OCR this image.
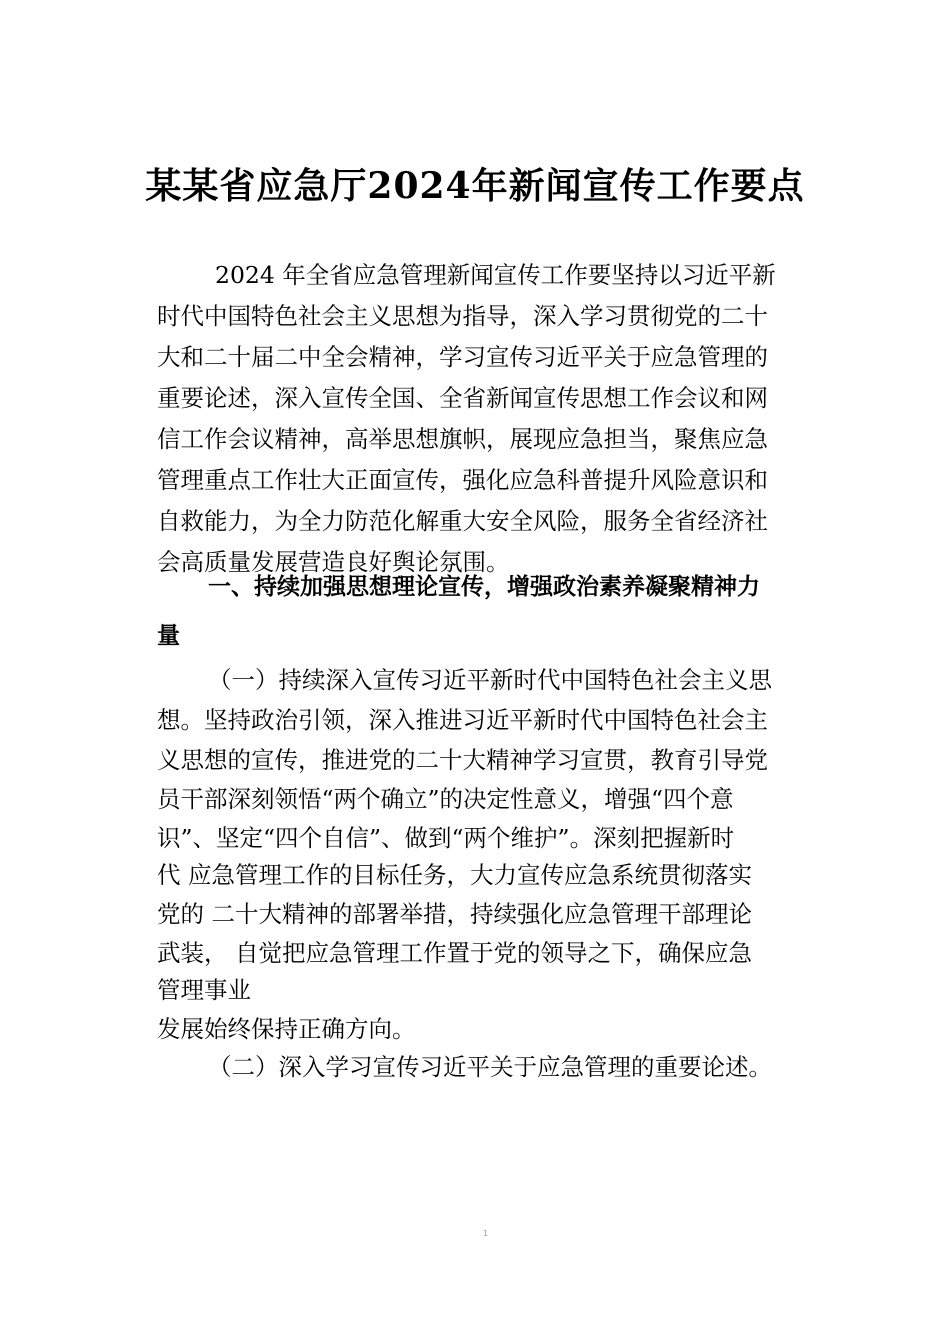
某某省应急厅2024年新闻宣传工作要点
2024 年全省应急管理新闻宣传工作要坚持以习近平新
时代中国特色社会主义思想为指导，深入学习贯彻党的二十
大和二十届二中全会精神，学习宣传习近平关于应急管理的
重要论述，深入宣传全国、全省新闻宣传思想工作会议和网
信工作会议精神，高举思想旗帜，展现应急担当，聚焦应急
管理重点工作壮大正面宣传，强化应急科普提升风险意识和
自救能力，为全力防范化解重大安全风险，服务全省经济社
会高质量发展营造良好舆论氛围。
一、持续加强思想理论宣传，增强政治素养凝聚精神力
量
（一）持续深入宣传习近平新时代中国特色社会主义思
想。坚持政治引领，深入推进习近平新时代中国特色社会主
义思想的宣传，推进党的二十大精神学习宣贯，教育引导党
员干部深刻领悟“两个确立”的决定性意义，增强“四个意
识”、坚定“四个自信”、做到“两个维护”。深刻把握新时
代 应急管理工作的目标任务，大力宣传应急系统贯彻落实
党的 二十大精神的部署举措，持续强化应急管理干部理论
武装， 自觉把应急管理工作置于党的领导之下，确保应急
管理事业
发展始终保持正确方向。
（二）深入学习宣传习近平关于应急管理的重要论述。
1
